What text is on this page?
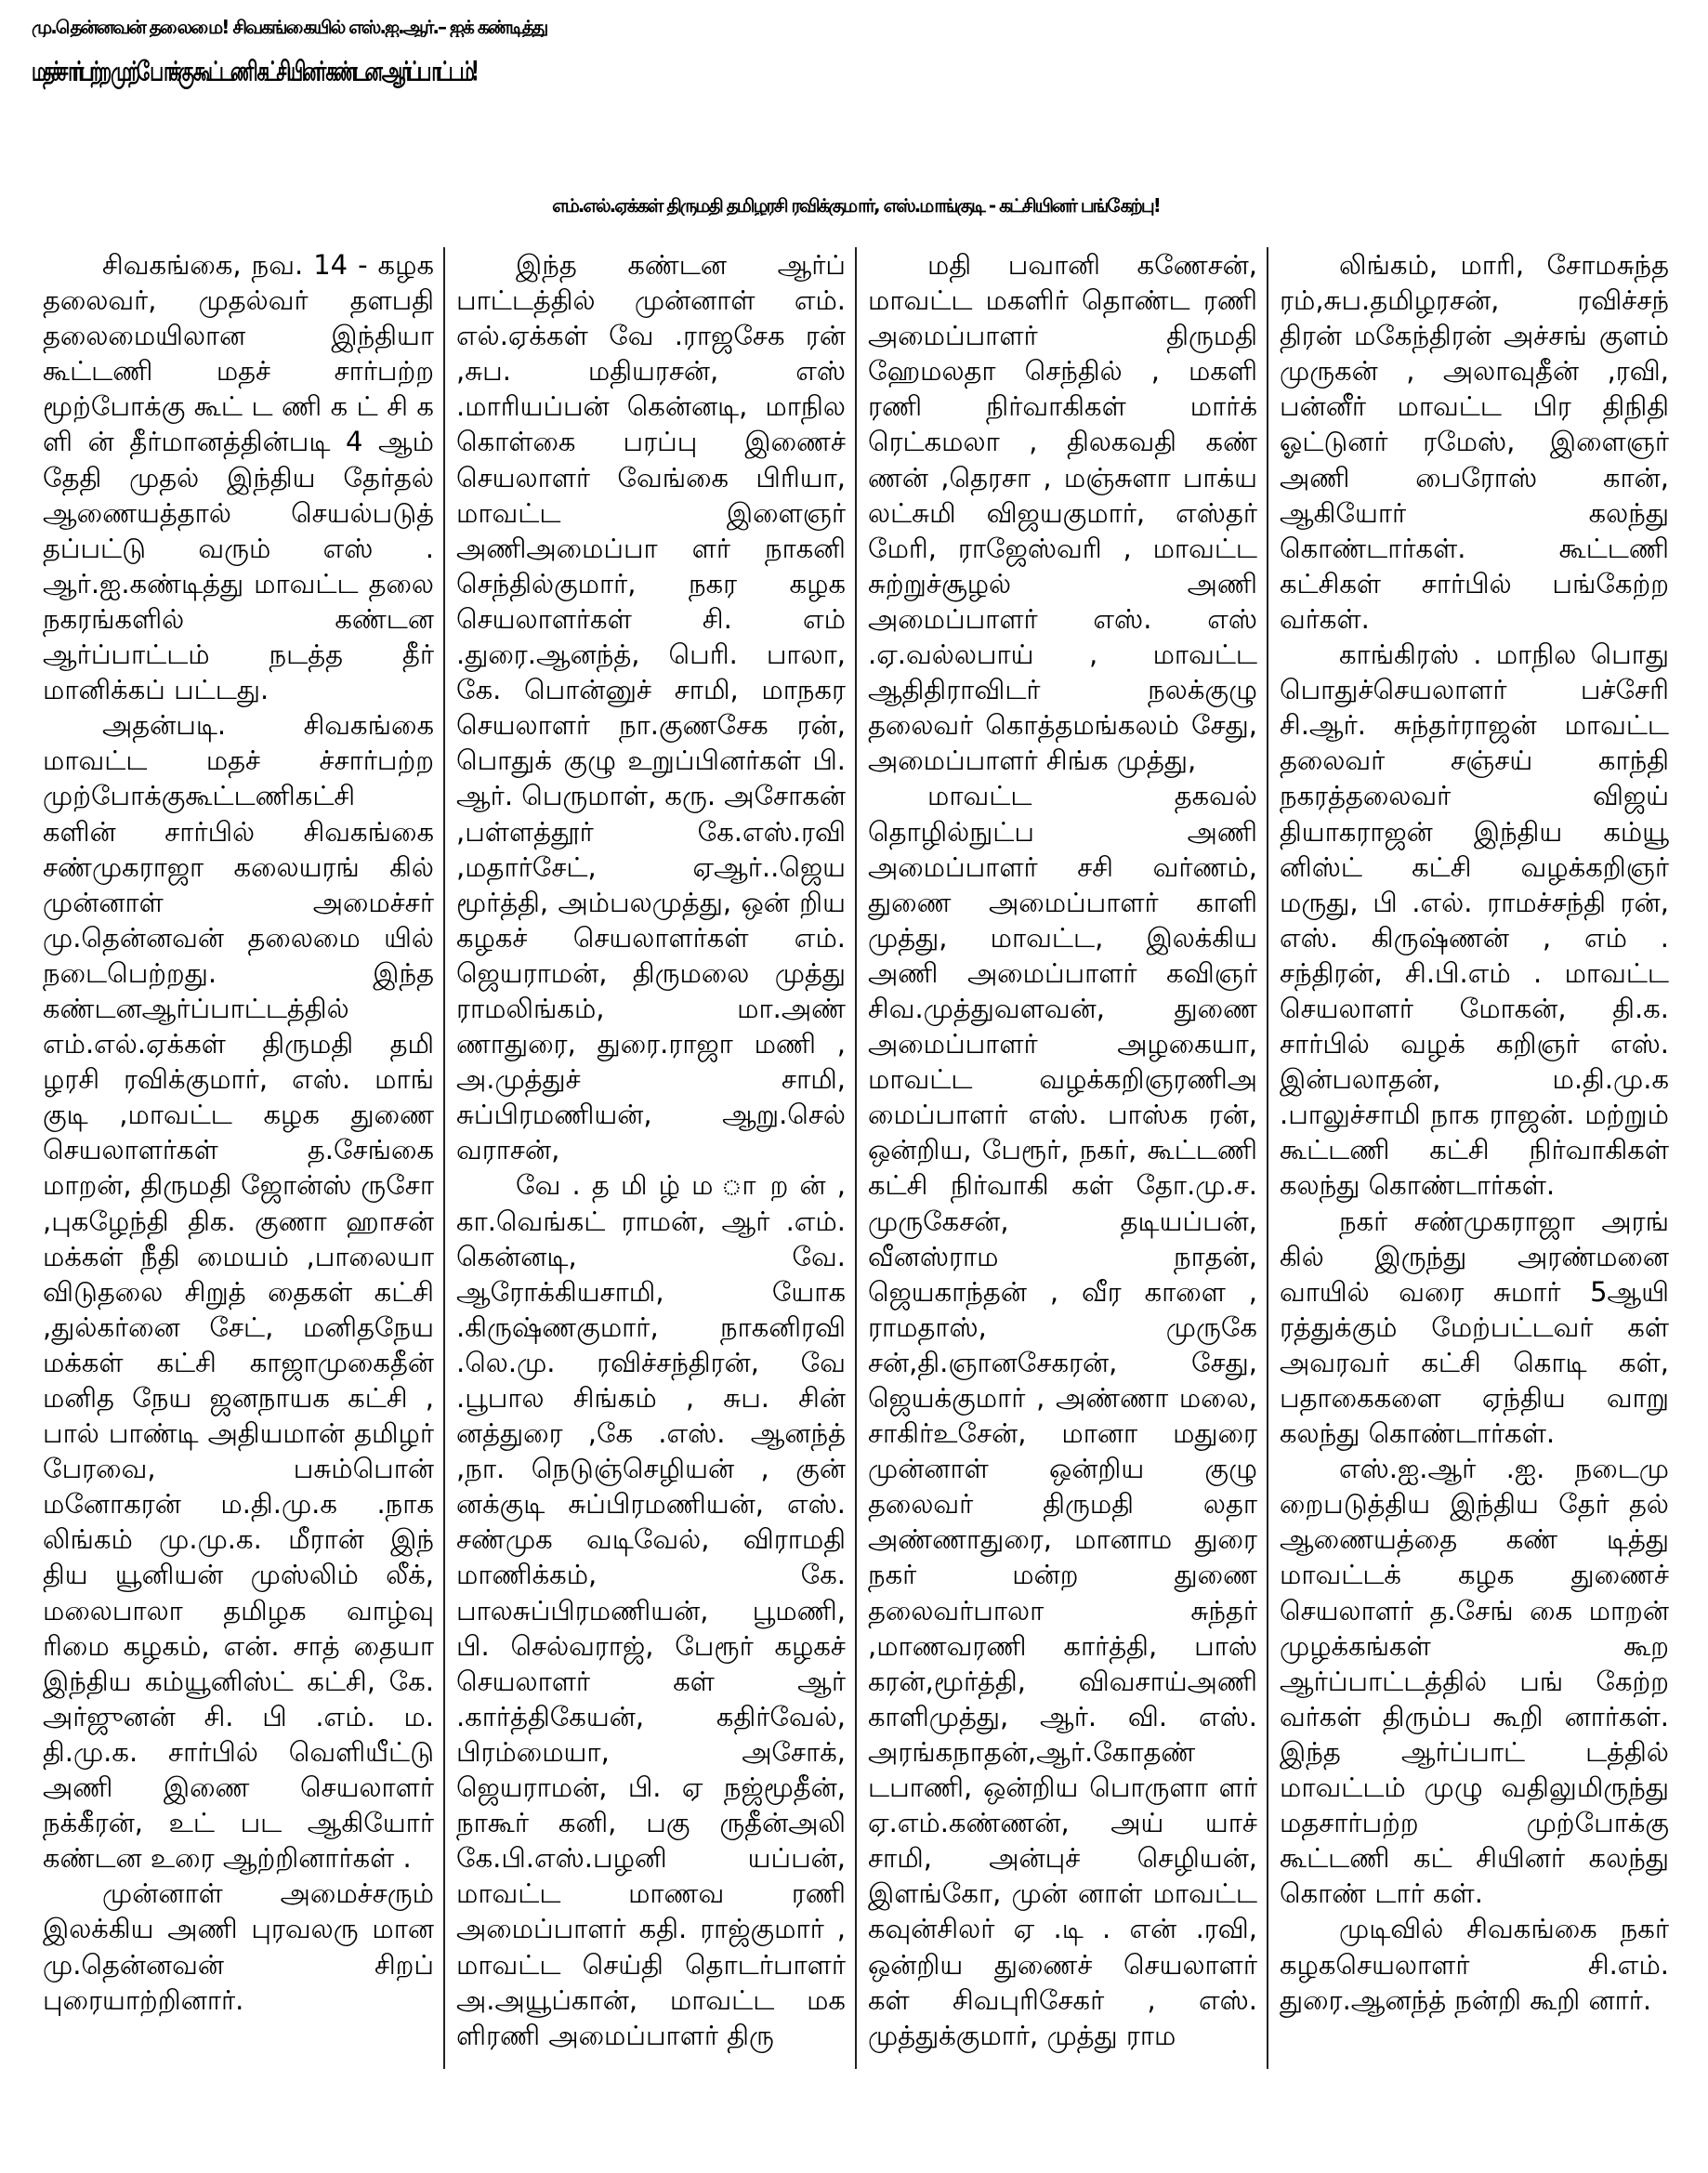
மு.தென்னவன் தலைமை! சிவகங்கையில் எஸ்.ஐ.ஆர்.– ஐக் கண்டித்து
மதச்சார்பற்ற முற்போக்கு கூட்டணி கட்சியினர் கண்டன ஆர்ப்பாட்டம்!
எம்.எல்.ஏக்கள் திருமதி தமிழரசி ரவிக்குமார், எஸ்.மாங்குடி - கட்சியினர் பங்கேற்பு!

சிவகங்கை, நவ. 14 - கழக தலைவர், முதல்வர் தளபதி தலைமையிலான இந்தியா கூட்டணி மதச் சார்பற்ற மூற்போக்கு கூட் ட ணி க ட் சி க ளி ன் தீர்மானத்தின்படி 4 ஆம் தேதி முதல் இந்திய தேர்தல் ஆணையத்தால் செயல்படுத் தப்பட்டு வரும் எஸ் . ஆர்.ஐ.கண்டித்து மாவட்ட தலை நகரங்களில் கண்டன ஆர்ப்பாட்டம் நடத்த தீர் மானிக்கப் பட்டது.

அதன்படி. சிவகங்கை மாவட்ட மதச் ச்சார்பற்ற முற்போக்குகூட்டணிகட்சி களின் சார்பில் சிவகங்கை சண்முகராஜா கலையரங் கில் முன்னாள் அமைச்சர் மு.தென்னவன் தலைமை யில் நடைபெற்றது. இந்த கண்டனஆர்ப்பாட்டத்தில் எம்.எல்.ஏக்கள் திருமதி தமி ழரசி ரவிக்குமார், எஸ். மாங் குடி ,மாவட்ட கழக துணை செயலாளர்கள் த.சேங்கை மாறன், திருமதி ஜோன்ஸ் ருசோ ,புகழேந்தி திக. குணா ஹாசன் மக்கள் நீதி மையம் ,பாலையா விடுதலை சிறுத் தைகள் கட்சி ,துல்கர்னை சேட், மனிதநேய மக்கள் கட்சி காஜாமுகைதீன் மனித நேய ஜனநாயக கட்சி , பால் பாண்டி அதியமான் தமிழர் பேரவை, பசும்பொன் மனோகரன் ம.தி.மு.க .நாக லிங்கம் மு.மு.க. மீரான் இந் திய யூனியன் முஸ்லிம் லீக், மலைபாலா தமிழக வாழ்வு ரிமை கழகம், என். சாத் தையா இந்திய கம்யூனிஸ்ட் கட்சி, கே. அர்ஜுனன் சி. பி .எம். ம. தி.மு.க. சார்பில் வெளியீட்டு அணி இணை செயலாளர் நக்கீரன், உட் பட ஆகியோர் கண்டன உரை ஆற்றினார்கள் .

முன்னாள் அமைச்சரும் இலக்கிய அணி புரவலரு மான மு.தென்னவன் சிறப் புரையாற்றினார்.

இந்த கண்டன ஆர்ப் பாட்டத்தில் முன்னாள் எம். எல்.ஏக்கள் வே .ராஜசேக ரன் ,சுப. மதியரசன், எஸ் .மாரியப்பன் கென்னடி, மாநில கொள்கை பரப்பு இணைச் செயலாளர் வேங்கை பிரியா, மாவட்ட இளைஞர் அணிஅமைப்பா ளர் நாகனி செந்தில்குமார், நகர கழக செயலாளர்கள் சி. எம் .துரை.ஆனந்த், பெரி. பாலா, கே. பொன்னுச் சாமி, மாநகர செயலாளர் நா.குணசேக ரன், பொதுக் குழு உறுப்பினர்கள் பி. ஆர். பெருமாள், கரு. அசோகன் ,பள்ளத்தூர் கே.எஸ்.ரவி ,மதார்சேட், ஏஆர்..ஜெய மூர்த்தி, அம்பலமுத்து, ஒன் றிய கழகச் செயலாளர்கள் எம். ஜெயராமன், திருமலை முத்து ராமலிங்கம், மா.அண் ணாதுரை, துரை.ராஜா மணி , அ.முத்துச் சாமி, சுப்பிரமணியன், ஆறு.செல் வராசன்,

வே . த மி ழ் ம ா ற ன் , கா.வெங்கட் ராமன், ஆர் .எம். கென்னடி, வே. ஆரோக்கியசாமி, யோக .கிருஷ்ணகுமார், நாகனிரவி .லெ.மு. ரவிச்சந்திரன், வே .பூபால சிங்கம் , சுப. சின் னத்துரை ,கே .எஸ். ஆனந்த் ,நா. நெடுஞ்செழியன் , குன் னக்குடி சுப்பிரமணியன், எஸ். சண்முக வடிவேல், விராமதி மாணிக்கம், கே. பாலசுப்பிரமணியன், பூமணி, பி. செல்வராஜ், பேரூர் கழகச் செயலாளர் கள் ஆர் .கார்த்திகேயன், கதிர்வேல், பிரம்மையா, அசோக், ஜெயராமன், பி. ஏ நஜ்மூதீன், நாகூர் கனி, பகு ருதீன்அலி கே.பி.எஸ்.பழனி யப்பன், மாவட்ட மாணவ ரணி அமைப்பாளர் கதி. ராஜ்குமார் , மாவட்ட செய்தி தொடர்பாளர் அ.அயூப்கான், மாவட்ட மக ளிரணி அமைப்பாளர் திரு

மதி பவானி கணேசன், மாவட்ட மகளிர் தொண்ட ரணி அமைப்பாளர் திருமதி ஹேமலதா செந்தில் , மகளி ரணி நிர்வாகிகள் மார்க் ரெட்கமலா , திலகவதி கண் ணன் ,தெரசா , மஞ்சுளா பாக்ய லட்சுமி விஜயகுமார், எஸ்தர் மேரி, ராஜேஸ்வரி , மாவட்ட சுற்றுச்சூழல் அணி அமைப்பாளர் எஸ். எஸ் .ஏ.வல்லபாய் , மாவட்ட ஆதிதிராவிடர் நலக்குழு தலைவர் கொத்தமங்கலம் சேது, அமைப்பாளர் சிங்க முத்து,

மாவட்ட தகவல் தொழில்நுட்ப அணி அமைப்பாளர் சசி வர்ணம், துணை அமைப்பாளர் காளி முத்து, மாவட்ட, இலக்கிய அணி அமைப்பாளர் கவிஞர் சிவ.முத்துவளவன், துணை அமைப்பாளர் அழகையா, மாவட்ட வழக்கறிஞரணிஅ மைப்பாளர் எஸ். பாஸ்க ரன், ஒன்றிய, பேரூர், நகர், கூட்டணி கட்சி நிர்வாகி கள் தோ.மு.ச. முருகேசன், தடியப்பன், வீனஸ்ராம நாதன், ஜெயகாந்தன் , வீர காளை , ராமதாஸ், முருகே சன்,தி.ஞானசேகரன், சேது, ஜெயக்குமார் , அண்ணா மலை, சாகிர்உசேன், மானா மதுரை முன்னாள் ஒன்றிய குழு தலைவர் திருமதி லதா அண்ணாதுரை, மானாம துரை நகர் மன்ற துணை தலைவர்பாலா சுந்தர் ,மாணவரணி கார்த்தி, பாஸ் கரன்,மூர்த்தி, விவசாய்அணி காளிமுத்து, ஆர். வி. எஸ். அரங்கநாதன்,ஆர்.கோதண் டபாணி, ஒன்றிய பொருளா ளர் ஏ.எம்.கண்ணன், அய் யாச் சாமி, அன்புச் செழியன், இளங்கோ, முன் னாள் மாவட்ட கவுன்சிலர் ஏ .டி . என் .ரவி, ஒன்றிய துணைச் செயலாளர் கள் சிவபுரிசேகர் , எஸ். முத்துக்குமார், முத்து ராம

லிங்கம், மாரி, சோமசுந்த ரம்,சுப.தமிழரசன், ரவிச்சந் திரன் மகேந்திரன் அச்சங் குளம் முருகன் , அலாவுதீன் ,ரவி, பன்னீர் மாவட்ட பிர திநிதி ஓட்டுனர் ரமேஸ், இளைஞர் அணி பைரோஸ் கான், ஆகியோர் கலந்து கொண்டார்கள். கூட்டணி கட்சிகள் சார்பில் பங்கேற்ற வர்கள்.

காங்கிரஸ் . மாநில பொது பொதுச்செயலாளர் பச்சேரி சி.ஆர். சுந்தர்ராஜன் மாவட்ட தலைவர் சஞ்சய் காந்தி நகரத்தலைவர் விஜய் தியாகராஜன் இந்திய கம்யூ னிஸ்ட் கட்சி வழக்கறிஞர் மருது, பி .எல். ராமச்சந்தி ரன், எஸ். கிருஷ்ணன் , எம் . சந்திரன், சி.பி.எம் . மாவட்ட செயலாளர் மோகன், தி.க. சார்பில் வழக் கறிஞர் எஸ். இன்பலாதன், ம.தி.மு.க .பாலுச்சாமி நாக ராஜன். மற்றும் கூட்டணி கட்சி நிர்வாகிகள் கலந்து கொண்டார்கள்.

நகர் சண்முகராஜா அரங் கில் இருந்து அரண்மனை வாயில் வரை சுமார் 5ஆயி ரத்துக்கும் மேற்பட்டவர் கள் அவரவர் கட்சி கொடி கள், பதாகைகளை ஏந்திய வாறு கலந்து கொண்டார்கள்.

எஸ்.ஐ.ஆர் .ஐ. நடைமு றைபடுத்திய இந்திய தேர் தல் ஆணையத்தை கண் டித்து மாவட்டக் கழக துணைச் செயலாளர் த.சேங் கை மாறன் முழக்கங்கள் கூற ஆர்ப்பாட்டத்தில் பங் கேற்ற வர்கள் திரும்ப கூறி னார்கள். இந்த ஆர்ப்பாட் டத்தில் மாவட்டம் முழு வதிலுமிருந்து மதசார்பற்ற முற்போக்கு கூட்டணி கட் சியினர் கலந்து கொண் டார் கள்.

முடிவில் சிவகங்கை நகர் கழகசெயலாளர் சி.எம். துரை.ஆனந்த் நன்றி கூறி னார்.
